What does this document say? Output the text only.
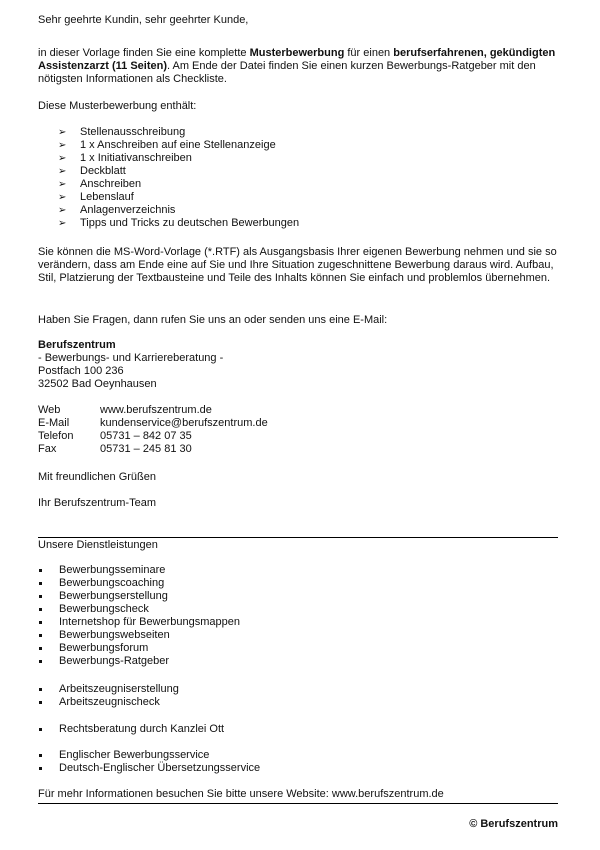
Sehr geehrte Kundin, sehr geehrter Kunde,

in dieser Vorlage finden Sie eine komplette Musterbewerbung für einen berufserfahrenen, gekündigten Assistenzarzt (11 Seiten). Am Ende der Datei finden Sie einen kurzen Bewerbungs-Ratgeber mit den nötigsten Informationen als Checkliste.

Diese Musterbewerbung enthält:

➢ Stellenausschreibung
➢ 1 x Anschreiben auf eine Stellenanzeige
➢ 1 x Initiativanschreiben
➢ Deckblatt
➢ Anschreiben
➢ Lebenslauf
➢ Anlagenverzeichnis
➢ Tipps und Tricks zu deutschen Bewerbungen

Sie können die MS-Word-Vorlage (*.RTF) als Ausgangsbasis Ihrer eigenen Bewerbung nehmen und sie so verändern, dass am Ende eine auf Sie und Ihre Situation zugeschnittene Bewerbung daraus wird. Aufbau, Stil, Platzierung der Textbausteine und Teile des Inhalts können Sie einfach und problemlos übernehmen.

Haben Sie Fragen, dann rufen Sie uns an oder senden uns eine E-Mail:

Berufszentrum

- Bewerbungs- und Karriereberatung -

Postfach 100 236

32502 Bad Oeynhausen

Web	www.berufszentrum.de
E-Mail	kundenservice@berufszentrum.de
Telefon 05731 – 842 07 35
Fax	05731 – 245 81 30

Mit freundlichen Grüßen

Ihr Berufszentrum-Team

Unsere Dienstleistungen

Bewerbungsseminare
Bewerbungscoaching
Bewerbungserstellung
Bewerbungscheck
Internetshop für Bewerbungsmappen
Bewerbungswebseiten
Bewerbungsforum
Bewerbungs-Ratgeber
Arbeitszeugniserstellung
Arbeitszeugnischeck
Rechtsberatung durch Kanzlei Ott
Englischer Bewerbungsservice
Deutsch-Englischer Übersetzungsservice

Für mehr Informationen besuchen Sie bitte unsere Website: www.berufszentrum.de

© Berufszentrum
